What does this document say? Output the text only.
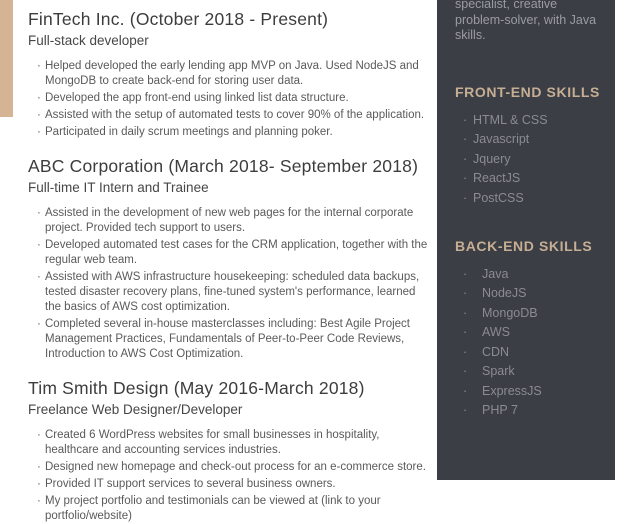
FinTech Inc. (October 2018 - Present)
Full-stack developer
· Helped developed the early lending app MVP on Java. Used NodeJS and MongoDB to create back-end for storing user data.
· Developed the app front-end using linked list data structure.
· Assisted with the setup of automated tests to cover 90% of the application.
· Participated in daily scrum meetings and planning poker.
ABC Corporation (March 2018- September 2018)
Full-time IT Intern and Trainee
· Assisted in the development of new web pages for the internal corporate project. Provided tech support to users.
· Developed automated test cases for the CRM application, together with the regular web team.
· Assisted with AWS infrastructure housekeeping: scheduled data backups, tested disaster recovery plans, fine-tuned system's performance, learned the basics of AWS cost optimization.
· Completed several in-house masterclasses including: Best Agile Project Management Practices, Fundamentals of Peer-to-Peer Code Reviews, Introduction to AWS Cost Optimization.
Tim Smith Design (May 2016-March 2018)
Freelance Web Designer/Developer
· Created 6 WordPress websites for small businesses in hospitality, healthcare and accounting services industries.
· Designed new homepage and check-out process for an e-commerce store.
· Provided IT support services to several business owners.
· My project portfolio and testimonials can be viewed at (link to your portfolio/website)

specialist, creative problem-solver, with Java skills.

FRONT-END SKILLS
· HTML & CSS
· Javascript
· Jquery
· ReactJS
· PostCSS
BACK-END SKILLS
·	Java
·	NodeJS
·	MongoDB
·	AWS
·	CDN
·	Spark
·	ExpressJS
·	PHP 7
